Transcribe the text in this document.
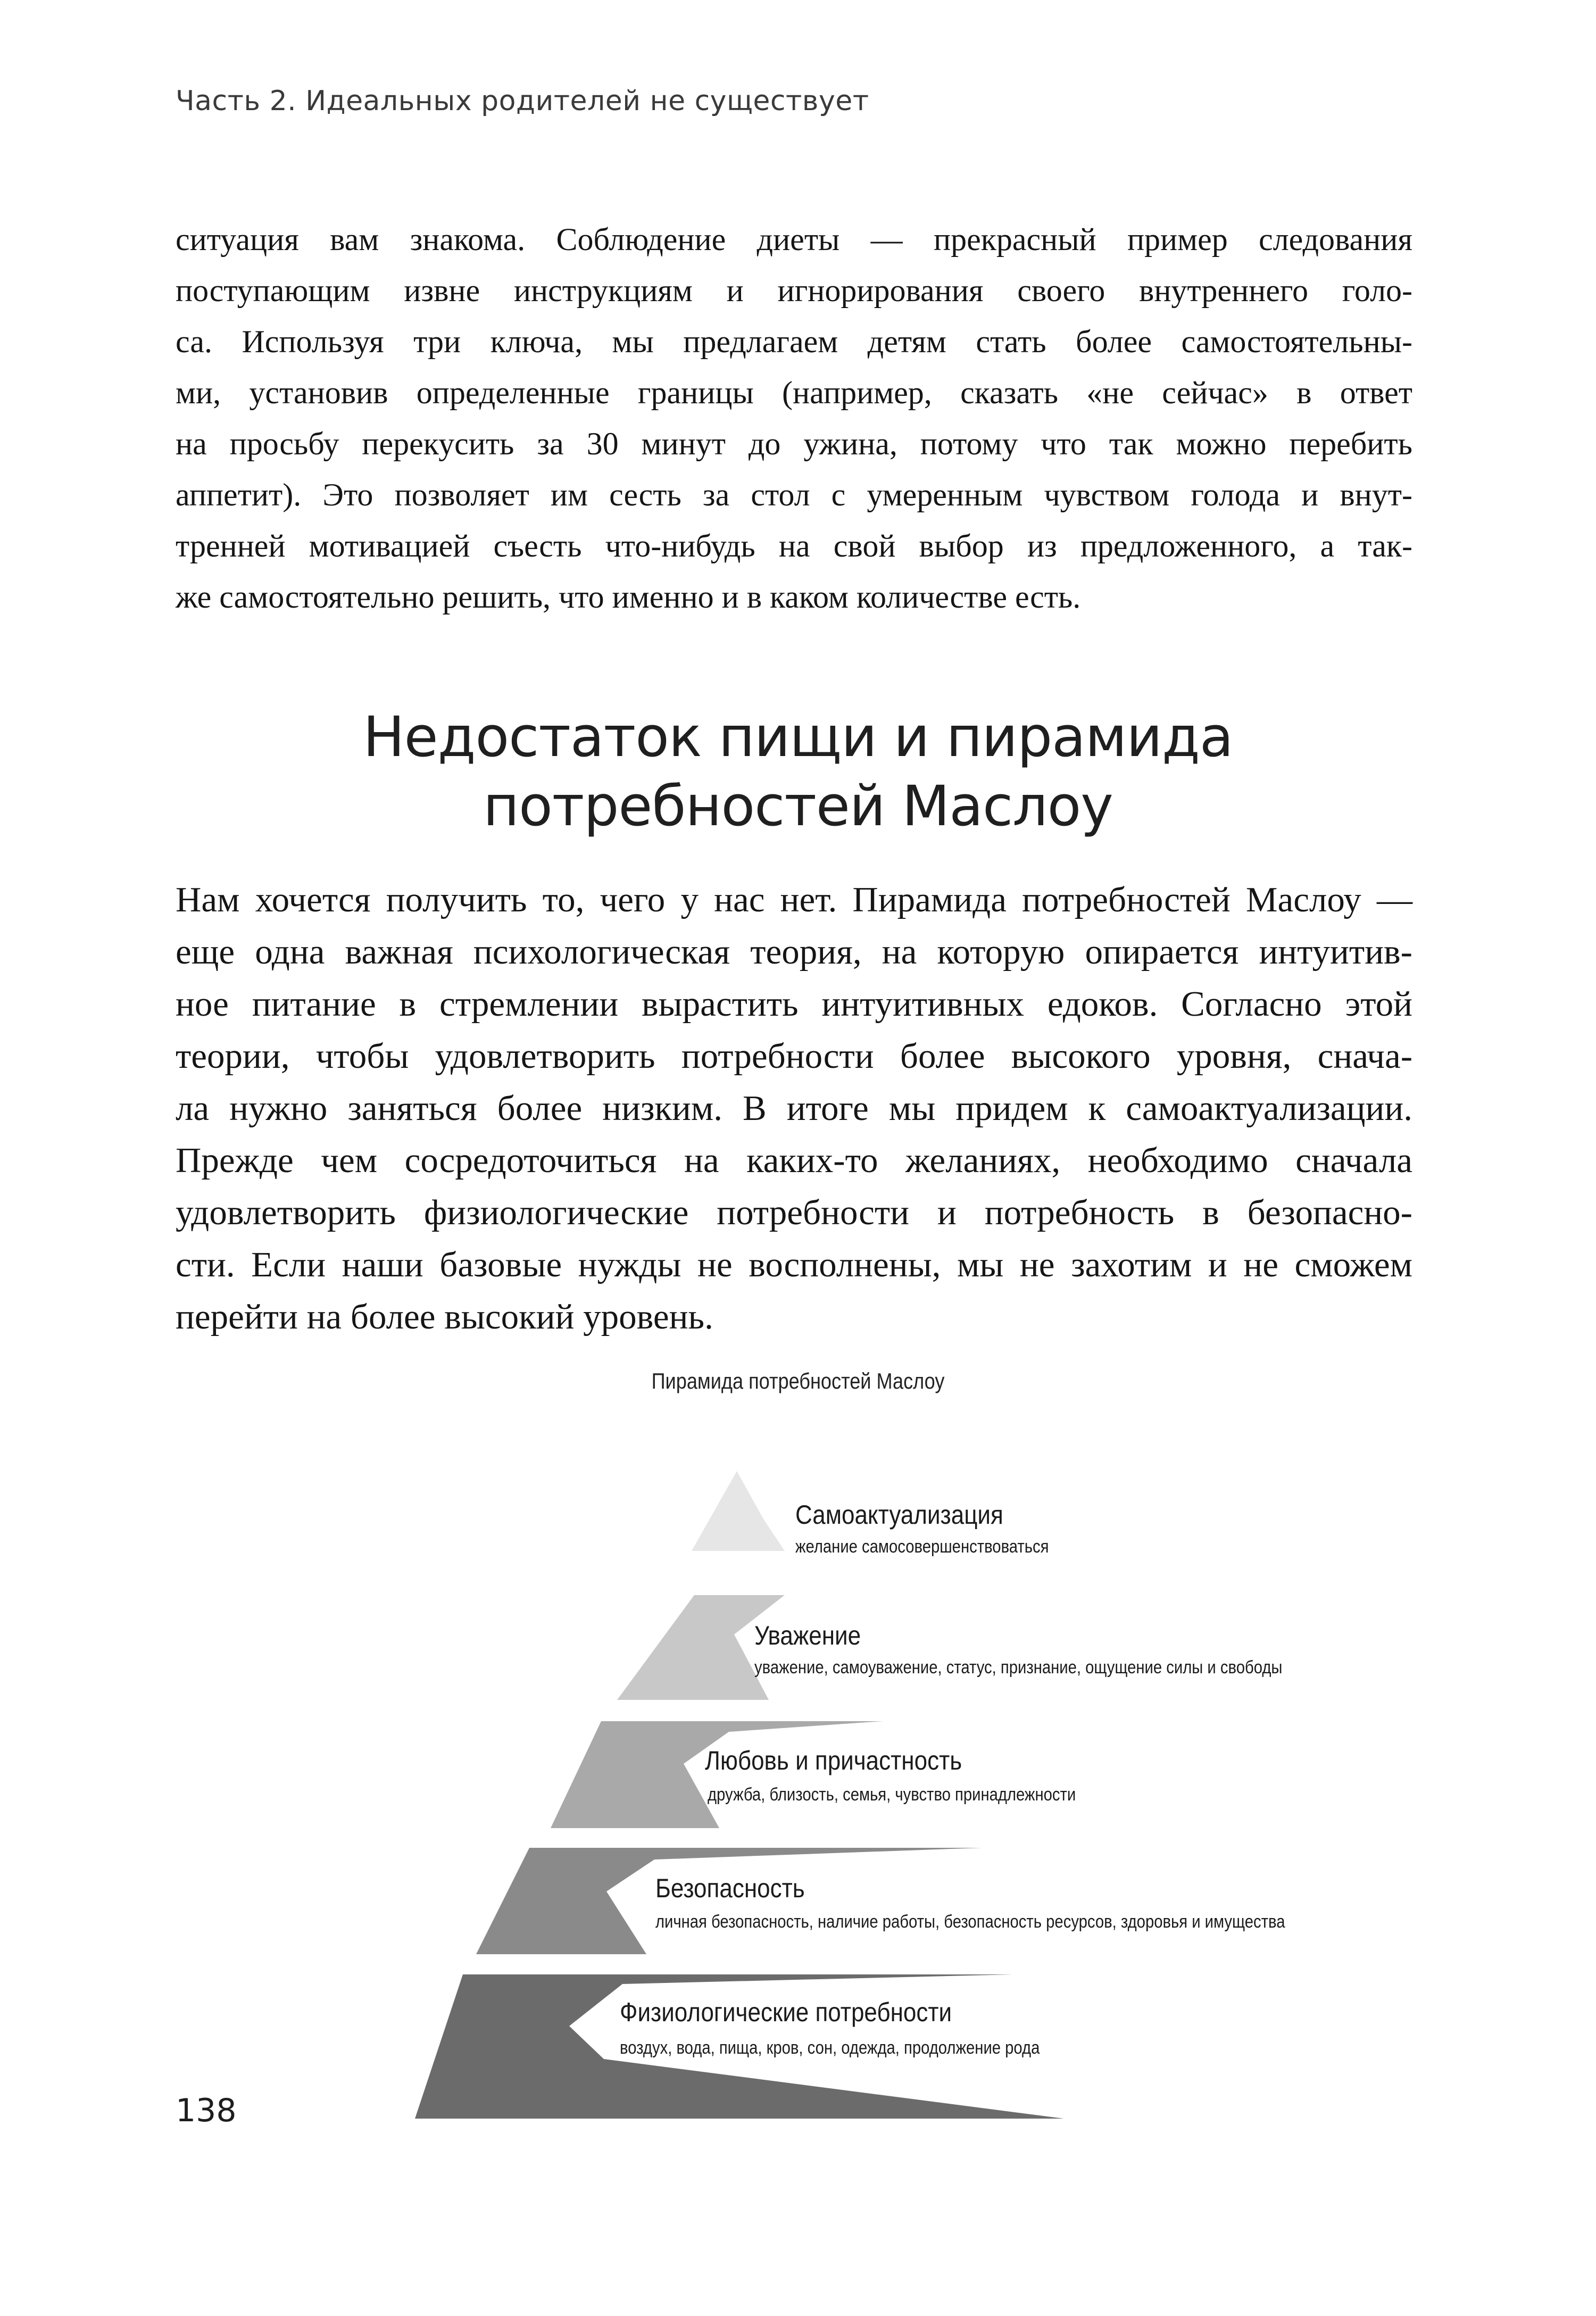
Часть 2. Идеальных родителей не существует

ситуация вам знакома. Соблюдение диеты — прекрасный пример следования
поступающим извне инструкциям и игнорирования своего внутреннего голо-
са. Используя три ключа, мы предлагаем детям стать более самостоятельны-
ми, установив определенные границы (например, сказать «не сейчас» в ответ
на просьбу перекусить за 30 минут до ужина, потому что так можно перебить
аппетит). Это позволяет им сесть за стол с умеренным чувством голода и внут-
тренней мотивацией съесть что-нибудь на свой выбор из предложенного, а так-
же самостоятельно решить, что именно и в каком количестве есть.

Недостаток пищи и пирамида
потребностей Маслоу

Нам хочется получить то, чего у нас нет. Пирамида потребностей Маслоу —
еще одна важная психологическая теория, на которую опирается интуитив-
ное питание в стремлении вырастить интуитивных едоков. Согласно этой
теории, чтобы удовлетворить потребности более высокого уровня, снача-
ла нужно заняться более низким. В итоге мы придем к самоактуализации.
Прежде чем сосредоточиться на каких-то желаниях, необходимо сначала
удовлетворить физиологические потребности и потребность в безопасно-
сти. Если наши базовые нужды не восполнены, мы не захотим и не сможем
перейти на более высокий уровень.

Пирамида потребностей Маслоу
Самоактуализация
желание самосовершенствоваться
Уважение
уважение, самоуважение, статус, признание, ощущение силы и свободы
Любовь и причастность
дружба, близость, семья, чувство принадлежности
Безопасность
личная безопасность, наличие работы, безопасность ресурсов, здоровья и имущества
Физиологические потребности
воздух, вода, пища, кров, сон, одежда, продолжение рода
138
